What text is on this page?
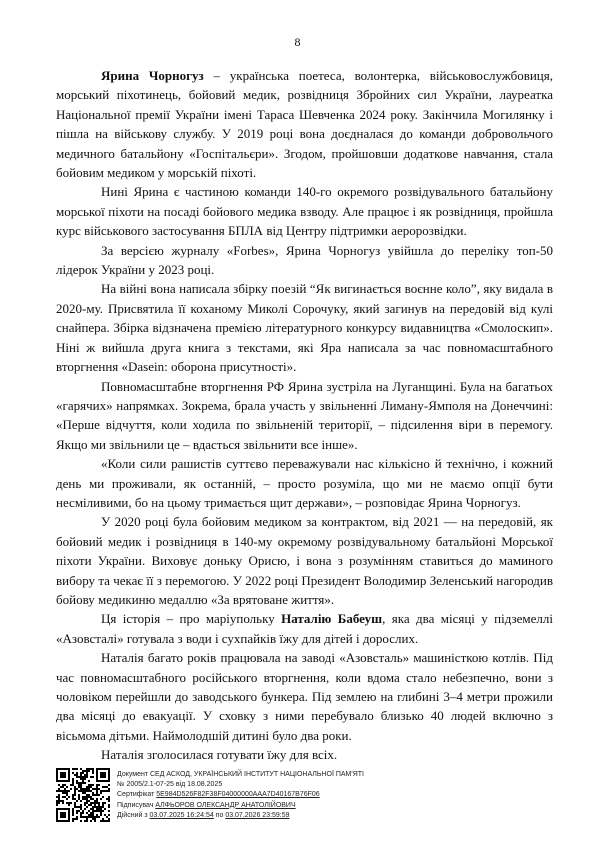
8

Ярина Чорногуз – українська поетеса, волонтерка, військовослужбовиця, морський піхотинець, бойовий медик, розвідниця Збройних сил України, лауреатка Національної премії України імені Тараса Шевченка 2024 року. Закінчила Могилянку і пішла на військову службу. У 2019 році вона доєдналася до команди добровольчого медичного батальйону «Госпітальєри». Згодом, пройшовши додаткове навчання, стала бойовим медиком у морській піхоті.

Нині Ярина є частиною команди 140-го окремого розвідувального батальйону морської піхоти на посаді бойового медика взводу. Але працює і як розвідниця, пройшла курс військового застосування БПЛА від Центру підтримки аеророзвідки.

За версією журналу «Forbes», Ярина Чорногуз увійшла до переліку топ-50 лідерок України у 2023 році.

На війні вона написала збірку поезій “Як вигинається воєнне коло”, яку видала в 2020-му. Присвятила її коханому Миколі Сорочуку, який загинув на передовій від кулі снайпера. Збірка відзначена премією літературного конкурсу видавництва «Смолоскип». Ніні ж вийшла друга книга з текстами, які Яра написала за час повномасштабного вторгнення «Dasein: оборона присутності».

Повномасштабне вторгнення РФ Ярина зустріла на Луганщині. Була на багатьох «гарячих» напрямках. Зокрема, брала участь у звільненні Лиману-Ямполя на Донеччині: «Перше відчуття, коли ходила по звільненій території, – підсилення віри в перемогу. Якщо ми звільнили це – вдасться звільнити все інше».

«Коли сили рашистів суттєво переважували нас кількісно й технічно, і кожний день ми проживали, як останній, – просто розуміла, що ми не маємо опції бути несміливими, бо на цьому тримається щит держави», – розповідає Ярина Чорногуз.

У 2020 році була бойовим медиком за контрактом, від 2021 — на передовій, як бойовий медик і розвідниця в 140-му окремому розвідувальному батальйоні Морської піхоти України. Виховує доньку Орисю, і вона з розумінням ставиться до маминого вибору та чекає її з перемогою. У 2022 році Президент Володимир Зеленський нагородив бойову медикиню медаллю «За врятоване життя».

Ця історія – про маріупольку Наталію Бабеуш, яка два місяці у підземеллі «Азовсталі» готувала з води і сухпайків їжу для дітей і дорослих.

Наталія багато років працювала на заводі «Азовсталь» машиністкою котлів. Під час повномасштабного російського вторгнення, коли вдома стало небезпечно, вони з чоловіком перейшли до заводського бункера. Під землею на глибині 3–4 метри прожили два місяці до евакуації. У сховку з ними перебувало близько 40 людей включно з вісьмома дітьми. Наймолодшій дитині було два роки.

Наталія зголосилася готувати їжу для всіх.

Документ СЕД АСКОД, УКРАЇНСЬКИЙ ІНСТИТУТ НАЦІОНАЛЬНОЇ ПАМ'ЯТІ
№ 2005/2.1-07-25 від 18.08.2025
Сертифікат 5E984D526F82F38F04000000AAA7D40167B76F06
Підписувач АЛФЬОРОВ ОЛЕКСАНДР АНАТОЛІЙОВИЧ
Дійсний з 03.07.2025 16:24:54 по 03.07.2026 23:59:59
